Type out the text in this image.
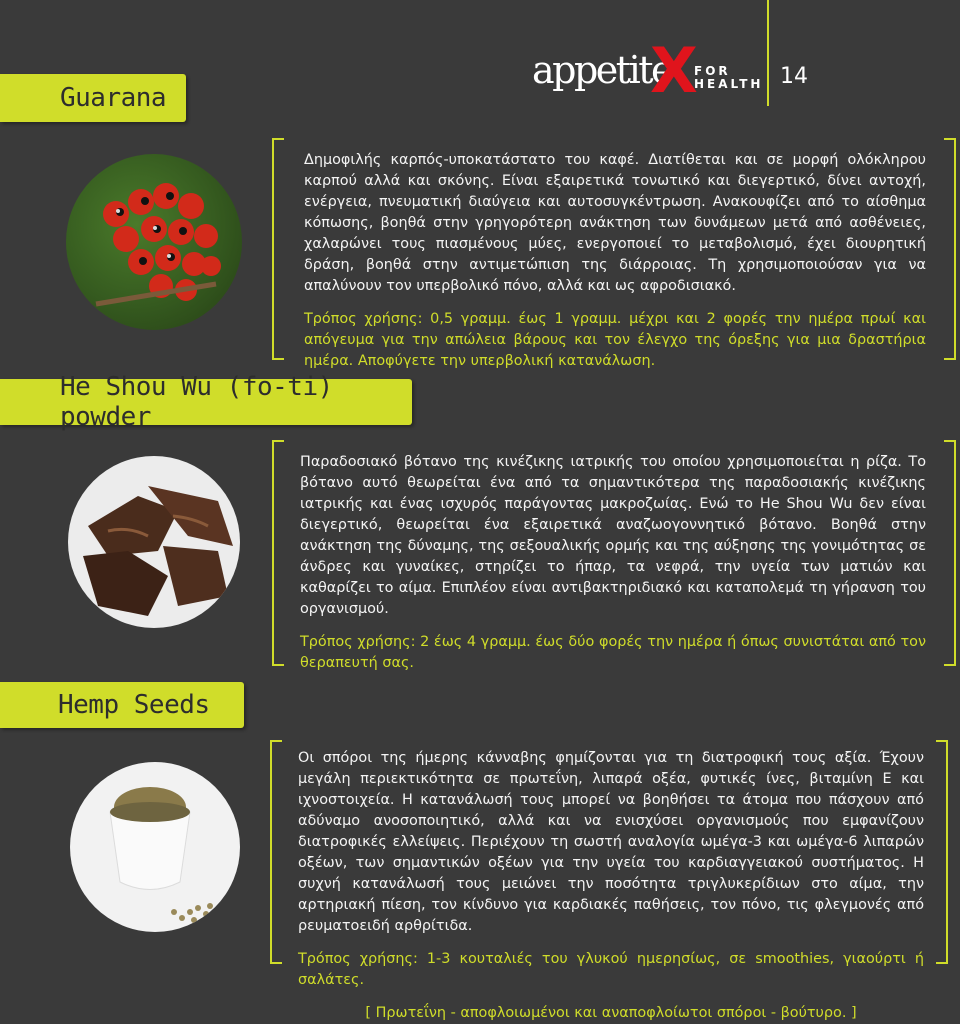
appetite
X
FOR
HEALTH 14
Guarana

Δημοφιλής καρπός-υποκατάστατο του καφέ. Διατίθεται και σε μορφή ολόκληρου καρπού αλλά και σκόνης. Είναι εξαιρετικά τονωτικό και διεγερτικό, δίνει αντοχή, ενέργεια, πνευματική διαύγεια και αυτοσυγκέντρωση. Ανακουφίζει από το αίσθημα κόπωσης, βοηθά στην γρηγορότερη ανάκτηση των δυνάμεων μετά από ασθένειες, χαλαρώνει τους πιασμένους μύες, ενεργοποιεί το μεταβολισμό, έχει διουρητική δράση, βοηθά στην αντιμετώπιση της διάρροιας. Τη χρησιμοποιούσαν για να απαλύνουν τον υπερβολικό πόνο, αλλά και ως αφροδισιακό.

Τρόπος χρήσης: 0,5 γραμμ. έως 1 γραμμ. μέχρι και 2 φορές την ημέρα πρωί και απόγευμα για την απώλεια βάρους και τον έλεγχο της όρεξης για μια δραστήρια ημέρα. Αποφύγετε την υπερβολική κατανάλωση.

He Shou Wu (fo-ti) powder

Παραδοσιακό βότανο της κινέζικης ιατρικής του οποίου χρησιμοποιείται η ρίζα. Το βότανο αυτό θεωρείται ένα από τα σημαντικότερα της παραδοσιακής κινέζικης ιατρικής και ένας ισχυρός παράγοντας μακροζωίας. Ενώ το He Shou Wu δεν είναι διεγερτικό, θεωρείται ένα εξαιρετικά αναζωογοννητικό βότανο. Βοηθά στην ανάκτηση της δύναμης, της σεξουαλικής ορμής και της αύξησης της γονιμότητας σε άνδρες και γυναίκες, στηρίζει το ήπαρ, τα νεφρά, την υγεία των ματιών και καθαρίζει το αίμα. Επιπλέον είναι αντιβακτηριδιακό και καταπολεμά τη γήρανση του οργανισμού.

Τρόπος χρήσης: 2 έως 4 γραμμ. έως δύο φορές την ημέρα ή όπως συνιστάται από τον θεραπευτή σας.

Hemp Seeds

Οι σπόροι της ήμερης κάνναβης φημίζονται για τη διατροφική τους αξία. Έχουν μεγάλη περιεκτικότητα σε πρωτεΐνη, λιπαρά οξέα, φυτικές ίνες, βιταμίνη Ε και ιχνοστοιχεία. Η κατανάλωσή τους μπορεί να βοηθήσει τα άτομα που πάσχουν από αδύναμο ανοσοποιητικό, αλλά και να ενισχύσει οργανισμούς που εμφανίζουν διατροφικές ελλείψεις. Περιέχουν τη σωστή αναλογία ωμέγα-3 και ωμέγα-6 λιπαρών οξέων, των σημαντικών οξέων για την υγεία του καρδιαγγειακού συστήματος. Η συχνή κατανάλωσή τους μειώνει την ποσότητα τριγλυκερίδιων στο αίμα, την αρτηριακή πίεση, τον κίνδυνο για καρδιακές παθήσεις, τον πόνο, τις φλεγμονές από ρευματοειδή αρθρίτιδα.

Τρόπος χρήσης: 1-3 κουταλιές του γλυκού ημερησίως, σε smoothies, γιαούρτι ή σαλάτες.

[ Πρωτεΐνη - αποφλοιωμένοι και αναποφλοίωτοι σπόροι - βούτυρο. ]
